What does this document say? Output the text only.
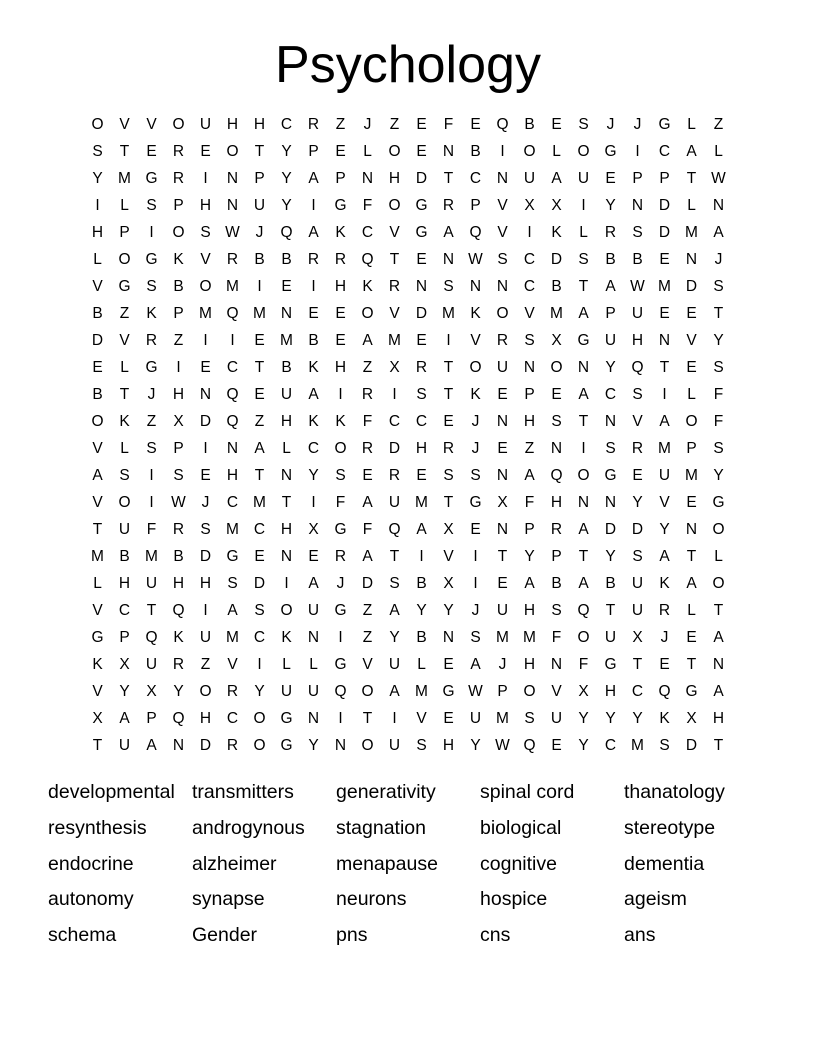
Psychology
O	V	V	O U	H	H	C	R	Z	J	Z	E	F	E	Q	B	E	S	J	J	G	L	Z
S	T	E	R	E	O	T	Y	P	E	L	O	E	N	B	I	O	L	O G	I	C	A	L
Y M G R	I	N	P	Y	A	P	N	H	D	T	C	N	U	A	U	E	P	P	T W
I	L	S	P	H	N	U	Y	I	G	F	O G R	P	V	X	X	I	Y	N	D	L	N
H	P	I	O	S W	J	Q	A	K	C	V	G	A	Q	V	I	K	L	R	S	D M A
L	O G	K	V	R	B	B	R	R Q	T	E	N W S	C	D	S	B	B	E	N	J
V	G	S	B	O M	I	E	I	H	K	R	N	S	N	N	C	B	T	A W M D	S
B	Z	K	P M Q M N	E	E	O	V	D M K	O	V M A	P	U	E	E	T
D	V	R	Z	I	I	E M B	E	A M E	I	V	R	S	X	G U	H	N	V	Y
E	L	G	I	E	C	T	B	K	H	Z	X	R	T	O U	N O N	Y	Q	T	E	S
B	T	J	H	N Q	E	U	A	I	R	I	S	T	K	E	P	E	A	C	S	I	L	F
O	K	Z	X	D Q	Z	H	K	K	F	C	C	E	J	N	H	S	T	N	V	A	O	F
V	L	S	P	I	N	A	L	C O R	D	H	R	J	E	Z	N	I	S	R M P	S
A	S	I	S	E	H	T	N	Y	S	E	R	E	S	S	N	A	Q O G	E	U M Y
V	O	I	W	J	C M	T	I	F	A	U M	T	G	X	F	H	N	N	Y	V	E	G
T	U	F	R	S M C	H	X	G	F	Q	A	X	E	N	P	R	A	D	D	Y	N O
M B M B	D G	E	N	E	R	A	T	I	V	I	T	Y	P	T	Y	S	A	T	L
L	H	U	H	H	S	D	I	A	J	D	S	B	X	I	E	A	B	A	B	U	K	A	O
V	C	T	Q	I	A	S	O U G	Z	A	Y	Y	J	U	H	S	Q	T	U	R	L	T
G	P	Q	K	U M C	K	N	I	Z	Y	B	N	S M M	F	O U	X	J	E	A
K	X	U	R	Z	V	I	L	L	G	V	U	L	E	A	J	H	N	F	G	T	E	T	N
V	Y	X	Y	O R	Y	U	U Q O	A M G W P	O	V	X	H	C Q G	A
X	A	P	Q H	C O G N	I	T	I	V	E	U M S	U	Y	Y	Y	K	X	H
T	U	A	N	D	R O G	Y	N O U	S	H	Y W Q	E	Y	C M S	D	T
developmental transmitters	generativity	spinal cord	thanatology
resynthesis	androgynous	stagnation	biological	stereotype
endocrine	alzheimer	menapause	cognitive	dementia
autonomy	synapse	neurons	hospice	ageism
schema	Gender	pns	cns	ans
